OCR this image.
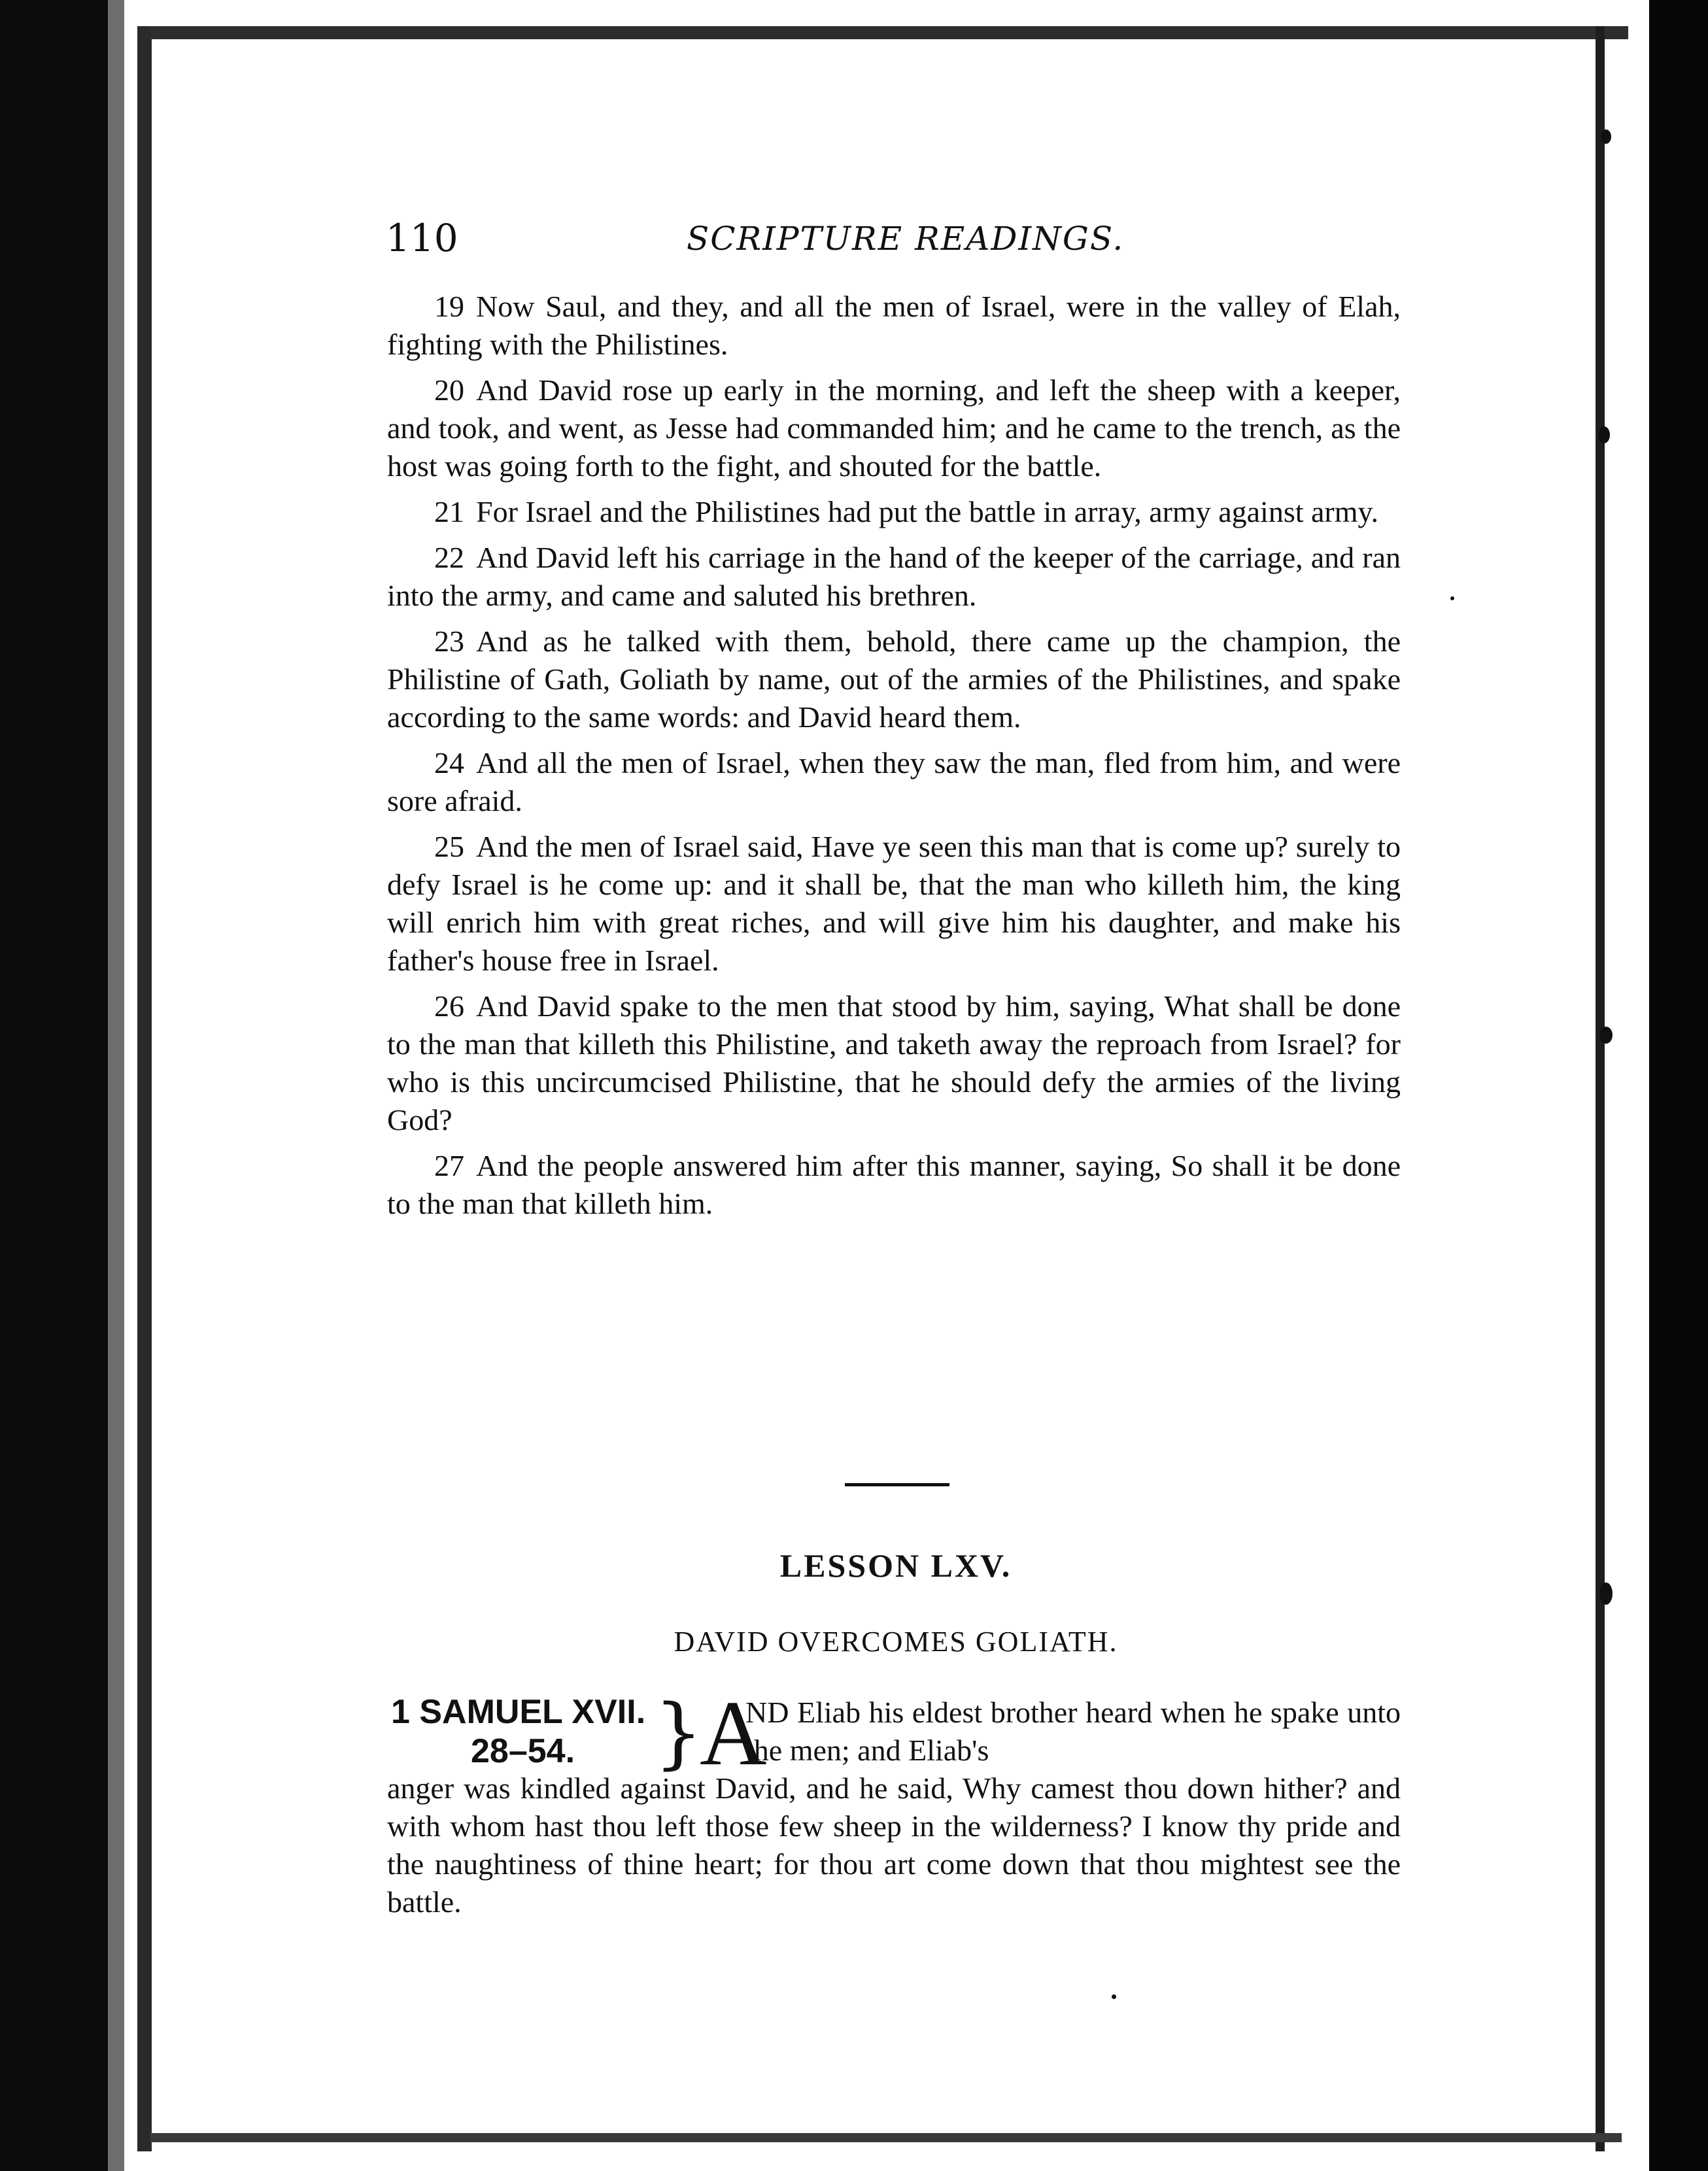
110	SCRIPTURE READINGS.

19 Now Saul, and they, and all the men of Israel, were in the valley of Elah, fighting with the Philistines.

20 And David rose up early in the morning, and left the sheep with a keeper, and took, and went, as Jesse had commanded him; and he came to the trench, as the host was going forth to the fight, and shouted for the battle.

21 For Israel and the Philistines had put the battle in array, army against army.

22 And David left his carriage in the hand of the keeper of the carriage, and ran into the army, and came and saluted his brethren.

23 And as he talked with them, behold, there came up the champion, the Philistine of Gath, Goliath by name, out of the armies of the Philistines, and spake according to the same words: and David heard them.

24 And all the men of Israel, when they saw the man, fled from him, and were sore afraid.

25 And the men of Israel said, Have ye seen this man that is come up? surely to defy Israel is he come up: and it shall be, that the man who killeth him, the king will enrich him with great riches, and will give him his daughter, and make his father's house free in Israel.

26 And David spake to the men that stood by him, saying, What shall be done to the man that killeth this Philistine, and taketh away the reproach from Israel? for who is this uncircumcised Philistine, that he should defy the armies of the living God?

27 And the people answered him after this manner, saying, So shall it be done to the man that killeth him.

LESSON LXV.
DAVID OVERCOMES GOLIATH.
1 SAMUEL XVII.
28–54.	}
A
ND Eliab his eldest brother heard when he spake unto the men; and Eliab's
anger was kindled against David, and he said, Why camest thou down hither? and with whom hast thou left those few sheep in the wilderness? I know thy pride and the naughtiness of thine heart; for thou art come down that thou mightest see the battle.
